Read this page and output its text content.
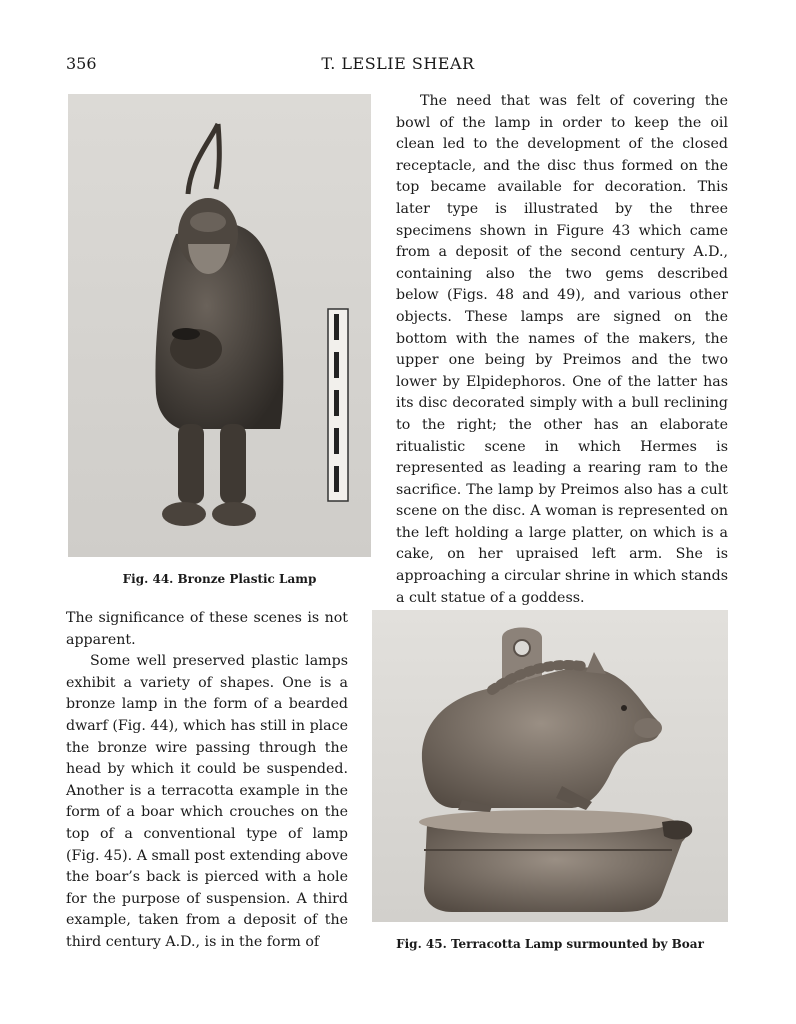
356	T. LESLIE SHEAR
Fig. 44. Bronze Plastic Lamp

The need that was felt of covering the bowl of the lamp in order to keep the oil clean led to the development of the closed receptacle, and the disc thus formed on the top became available for decoration. This later type is illustrated by the three specimens shown in Figure 43 which came from a deposit of the second century A.D., containing also the two gems described below (Figs. 48 and 49), and various other objects. These lamps are signed on the bottom with the names of the makers, the upper one being by Preimos and the two lower by Elpidephoros. One of the latter has its disc decorated simply with a bull reclining to the right; the other has an elaborate ritualistic scene in which Hermes is represented as leading a rearing ram to the sacrifice. The lamp by Preimos also has a cult scene on the disc. A woman is represented on the left holding a large platter, on which is a cake, on her upraised left arm. She is approaching a circular shrine in which stands a cult statue of a goddess.

The significance of these scenes is not apparent.

Some well preserved plastic lamps exhibit a variety of shapes. One is a bronze lamp in the form of a bearded dwarf (Fig. 44), which has still in place the bronze wire passing through the head by which it could be suspended. Another is a terracotta example in the form of a boar which crouches on the top of a conventional type of lamp (Fig. 45). A small post extending above the boar’s back is pierced with a hole for the purpose of suspension. A third example, taken from a deposit of the third century A.D., is in the form of	Fig. 45. Terracotta Lamp surmounted by Boar
